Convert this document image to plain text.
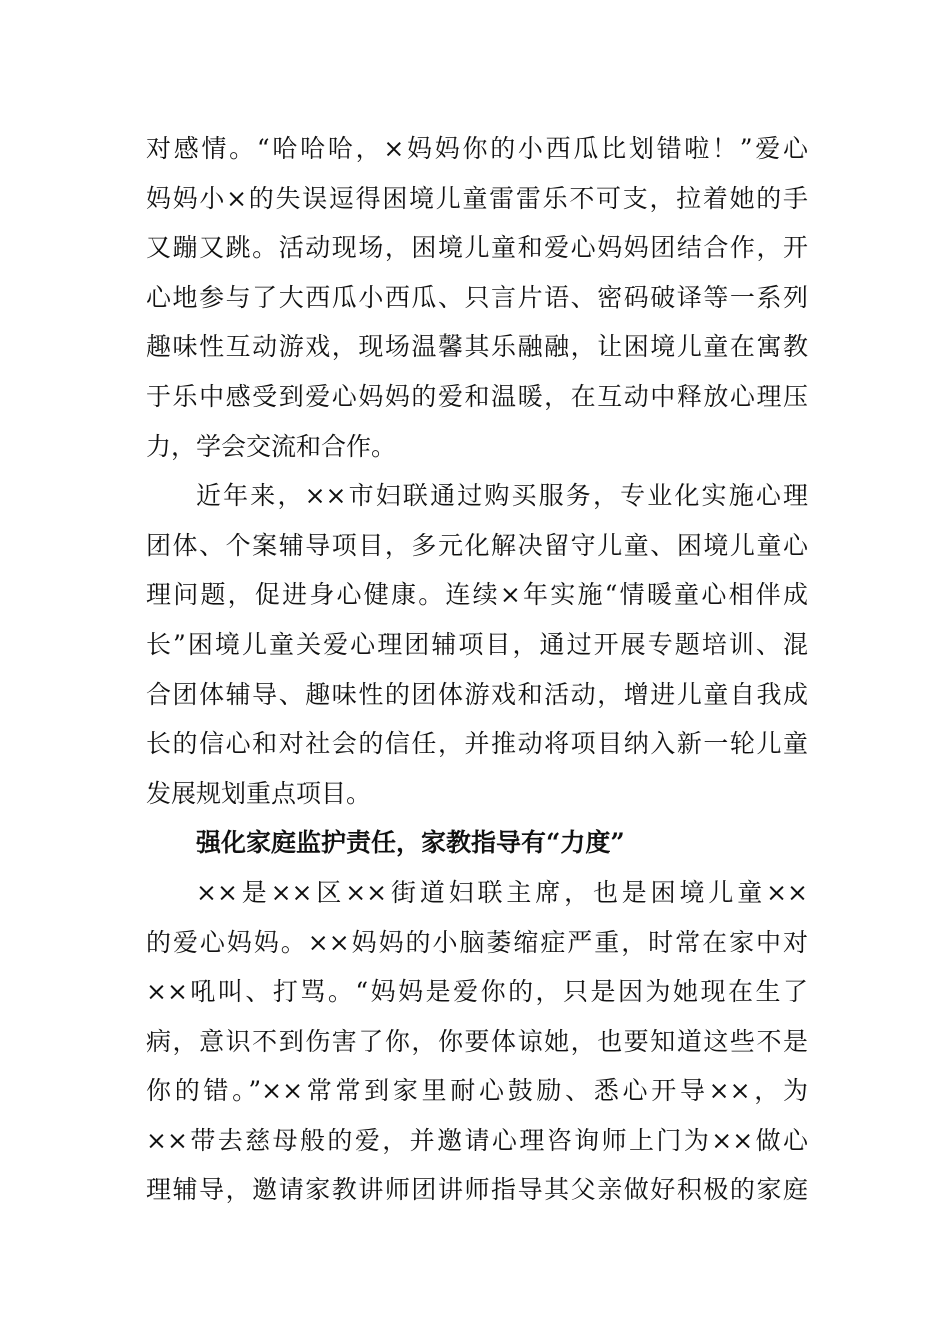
对感情。“哈哈哈，×妈妈你的小西瓜比划错啦！”爱心
妈妈小×的失误逗得困境儿童雷雷乐不可支，拉着她的手
又蹦又跳。活动现场，困境儿童和爱心妈妈团结合作，开
心地参与了大西瓜小西瓜、只言片语、密码破译等一系列
趣味性互动游戏，现场温馨其乐融融，让困境儿童在寓教
于乐中感受到爱心妈妈的爱和温暖，在互动中释放心理压
力，学会交流和合作。
近年来，××市妇联通过购买服务，专业化实施心理
团体、个案辅导项目，多元化解决留守儿童、困境儿童心
理问题，促进身心健康。连续×年实施“情暖童心相伴成
长”困境儿童关爱心理团辅项目，通过开展专题培训、混
合团体辅导、趣味性的团体游戏和活动，增进儿童自我成
长的信心和对社会的信任，并推动将项目纳入新一轮儿童
发展规划重点项目。
强化家庭监护责任，家教指导有“力度”
××是××区××街道妇联主席，也是困境儿童××
的爱心妈妈。××妈妈的小脑萎缩症严重，时常在家中对
××吼叫、打骂。“妈妈是爱你的，只是因为她现在生了
病，意识不到伤害了你，你要体谅她，也要知道这些不是
你的错。”××常常到家里耐心鼓励、悉心开导××，为
××带去慈母般的爱，并邀请心理咨询师上门为××做心
理辅导，邀请家教讲师团讲师指导其父亲做好积极的家庭
